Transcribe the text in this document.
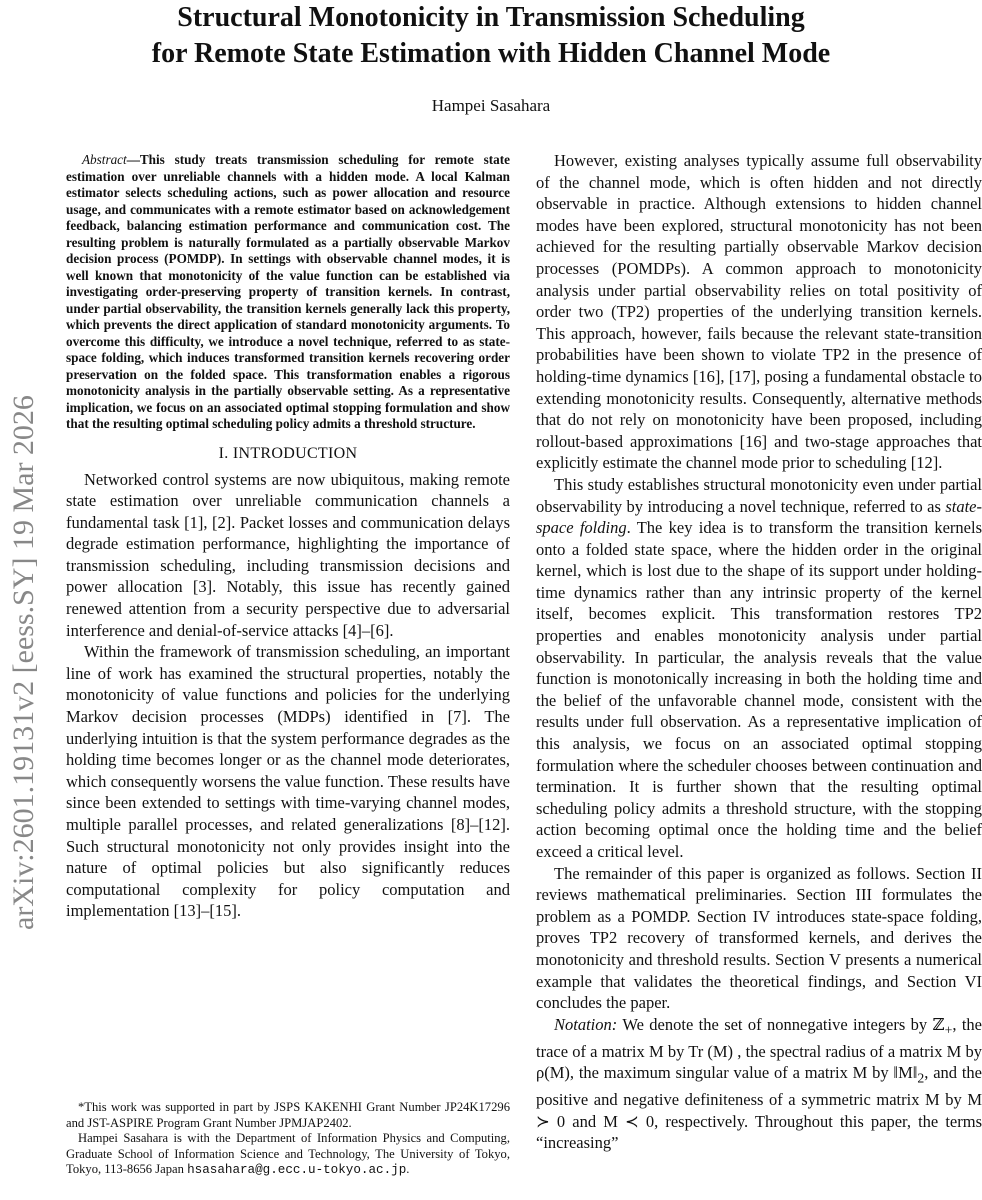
Structural Monotonicity in Transmission Scheduling
for Remote State Estimation with Hidden Channel Mode
Hampei Sasahara
arXiv:2601.19131v2 [eess.SY] 19 Mar 2026

Abstract—This study treats transmission scheduling for remote state estimation over unreliable channels with a hidden mode. A local Kalman estimator selects scheduling actions, such as power allocation and resource usage, and communicates with a remote estimator based on acknowledgement feedback, balancing estimation performance and communication cost. The resulting problem is naturally formulated as a partially observable Markov decision process (POMDP). In settings with observable channel modes, it is well known that monotonicity of the value function can be established via investigating order-preserving property of transition kernels. In contrast, under partial observability, the transition kernels generally lack this property, which prevents the direct application of standard monotonicity arguments. To overcome this difficulty, we introduce a novel technique, referred to as state-space folding, which induces transformed transition kernels recovering order preservation on the folded space. This transformation enables a rigorous monotonicity analysis in the partially observable setting. As a representative implication, we focus on an associated optimal stopping formulation and show that the resulting optimal scheduling policy admits a threshold structure.

I. INTRODUCTION

Networked control systems are now ubiquitous, making remote state estimation over unreliable communication channels a fundamental task [1], [2]. Packet losses and communication delays degrade estimation performance, highlighting the importance of transmission scheduling, including transmission decisions and power allocation [3]. Notably, this issue has recently gained renewed attention from a security perspective due to adversarial interference and denial-of-service attacks [4]–[6].

Within the framework of transmission scheduling, an important line of work has examined the structural properties, notably the monotonicity of value functions and policies for the underlying Markov decision processes (MDPs) identified in [7]. The underlying intuition is that the system performance degrades as the holding time becomes longer or as the channel mode deteriorates, which consequently worsens the value function. These results have since been extended to settings with time-varying channel modes, multiple parallel processes, and related generalizations [8]–[12]. Such structural monotonicity not only provides insight into the nature of optimal policies but also significantly reduces computational complexity for policy computation and implementation [13]–[15].

*This work was supported in part by JSPS KAKENHI Grant Number JP24K17296 and JST-ASPIRE Program Grant Number JPMJAP2402.

Hampei Sasahara is with the Department of Information Physics and Computing, Graduate School of Information Science and Technology, The University of Tokyo, Tokyo, 113-8656 Japan hsasahara@g.ecc.u-tokyo.ac.jp.

However, existing analyses typically assume full observability of the channel mode, which is often hidden and not directly observable in practice. Although extensions to hidden channel modes have been explored, structural monotonicity has not been achieved for the resulting partially observable Markov decision processes (POMDPs). A common approach to monotonicity analysis under partial observability relies on total positivity of order two (TP2) properties of the underlying transition kernels. This approach, however, fails because the relevant state-transition probabilities have been shown to violate TP2 in the presence of holding-time dynamics [16], [17], posing a fundamental obstacle to extending monotonicity results. Consequently, alternative methods that do not rely on monotonicity have been proposed, including rollout-based approximations [16] and two-stage approaches that explicitly estimate the channel mode prior to scheduling [12].

This study establishes structural monotonicity even under partial observability by introducing a novel technique, referred to as state-space folding. The key idea is to transform the transition kernels onto a folded state space, where the hidden order in the original kernel, which is lost due to the shape of its support under holding-time dynamics rather than any intrinsic property of the kernel itself, becomes explicit. This transformation restores TP2 properties and enables monotonicity analysis under partial observability. In particular, the analysis reveals that the value function is monotonically increasing in both the holding time and the belief of the unfavorable channel mode, consistent with the results under full observation. As a representative implication of this analysis, we focus on an associated optimal stopping formulation where the scheduler chooses between continuation and termination. It is further shown that the resulting optimal scheduling policy admits a threshold structure, with the stopping action becoming optimal once the holding time and the belief exceed a critical level.

The remainder of this paper is organized as follows. Section II reviews mathematical preliminaries. Section III formulates the problem as a POMDP. Section IV introduces state-space folding, proves TP2 recovery of transformed kernels, and derives the monotonicity and threshold results. Section V presents a numerical example that validates the theoretical findings, and Section VI concludes the paper.

Notation: We denote the set of nonnegative integers by ℤ$_+$, the trace of a matrix M by Tr (M) , the spectral radius of a matrix M by ρ(M), the maximum singular value of a matrix M by $‖M‖_2$, and the positive and negative definiteness of a symmetric matrix M by M ≻ 0 and M ≺ 0, respectively. Throughout this paper, the terms “increasing”
